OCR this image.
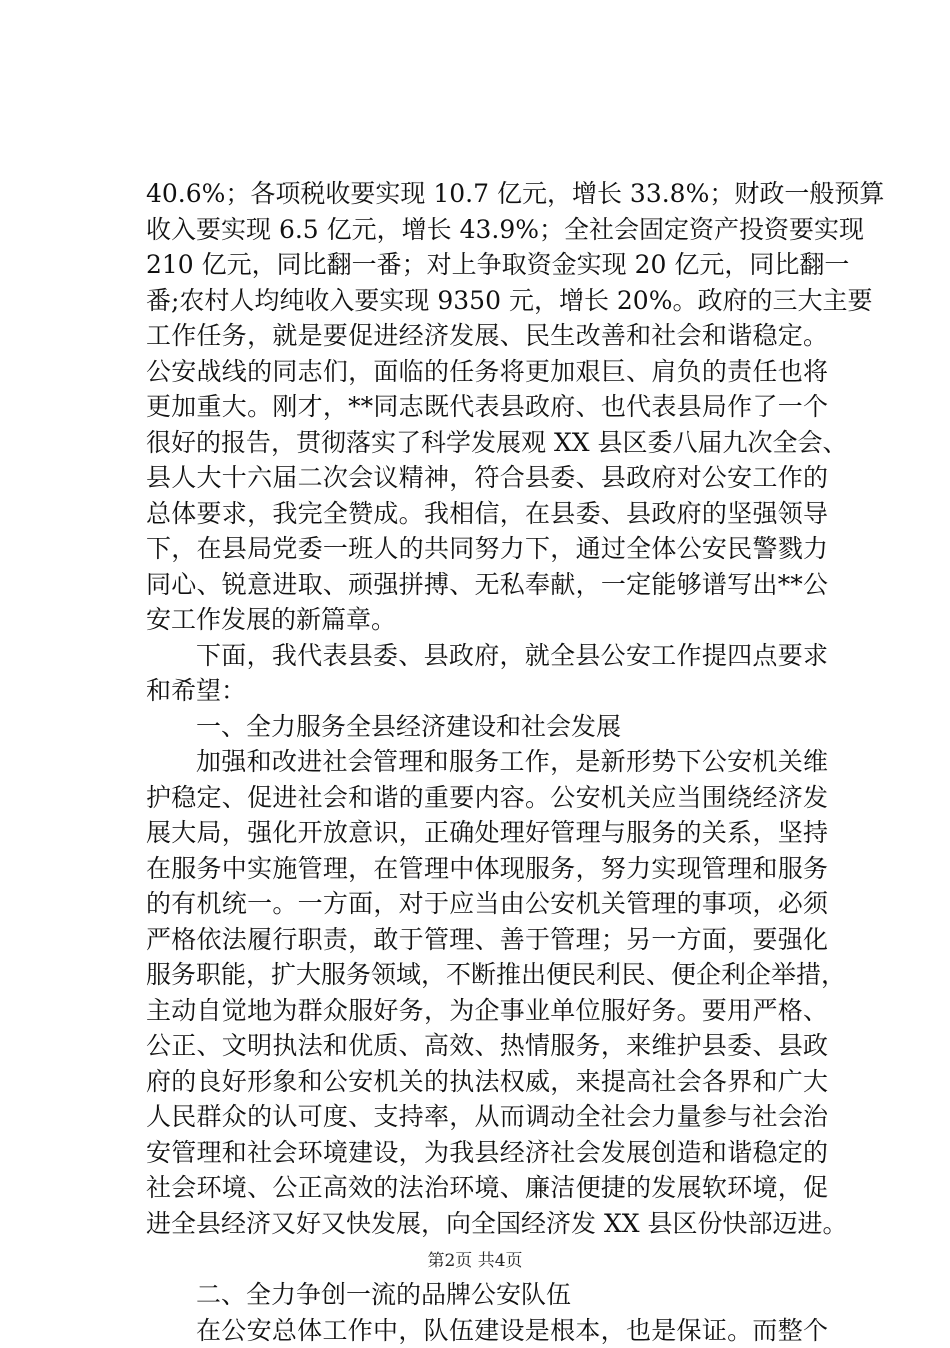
40.6%；各项税收要实现 10.7 亿元，增长 33.8%；财政一般预算
收入要实现 6.5 亿元，增长 43.9%；全社会固定资产投资要实现
210 亿元，同比翻一番；对上争取资金实现 20 亿元，同比翻一
番;农村人均纯收入要实现 9350 元，增长 20%。政府的三大主要
工作任务，就是要促进经济发展、民生改善和社会和谐稳定。
公安战线的同志们，面临的任务将更加艰巨、肩负的责任也将
更加重大。刚才，**同志既代表县政府、也代表县局作了一个
很好的报告，贯彻落实了科学发展观 XX 县区委八届九次全会、
县人大十六届二次会议精神，符合县委、县政府对公安工作的
总体要求，我完全赞成。我相信，在县委、县政府的坚强领导
下，在县局党委一班人的共同努力下，通过全体公安民警戮力
同心、锐意进取、顽强拼搏、无私奉献，一定能够谱写出**公
安工作发展的新篇章。
下面，我代表县委、县政府，就全县公安工作提四点要求
和希望：
一、全力服务全县经济建设和社会发展
加强和改进社会管理和服务工作，是新形势下公安机关维
护稳定、促进社会和谐的重要内容。公安机关应当围绕经济发
展大局，强化开放意识，正确处理好管理与服务的关系，坚持
在服务中实施管理，在管理中体现服务，努力实现管理和服务
的有机统一。一方面，对于应当由公安机关管理的事项，必须
严格依法履行职责，敢于管理、善于管理；另一方面，要强化
服务职能，扩大服务领域，不断推出便民利民、便企利企举措，
主动自觉地为群众服好务，为企事业单位服好务。要用严格、
公正、文明执法和优质、高效、热情服务，来维护县委、县政
府的良好形象和公安机关的执法权威，来提高社会各界和广大
人民群众的认可度、支持率，从而调动全社会力量参与社会治
安管理和社会环境建设，为我县经济社会发展创造和谐稳定的
社会环境、公正高效的法治环境、廉洁便捷的发展软环境，促
进全县经济又好又快发展，向全国经济发 XX 县区份快部迈进。
二、全力争创一流的品牌公安队伍
在公安总体工作中，队伍建设是根本，也是保证。而整个
第2页 共4页
